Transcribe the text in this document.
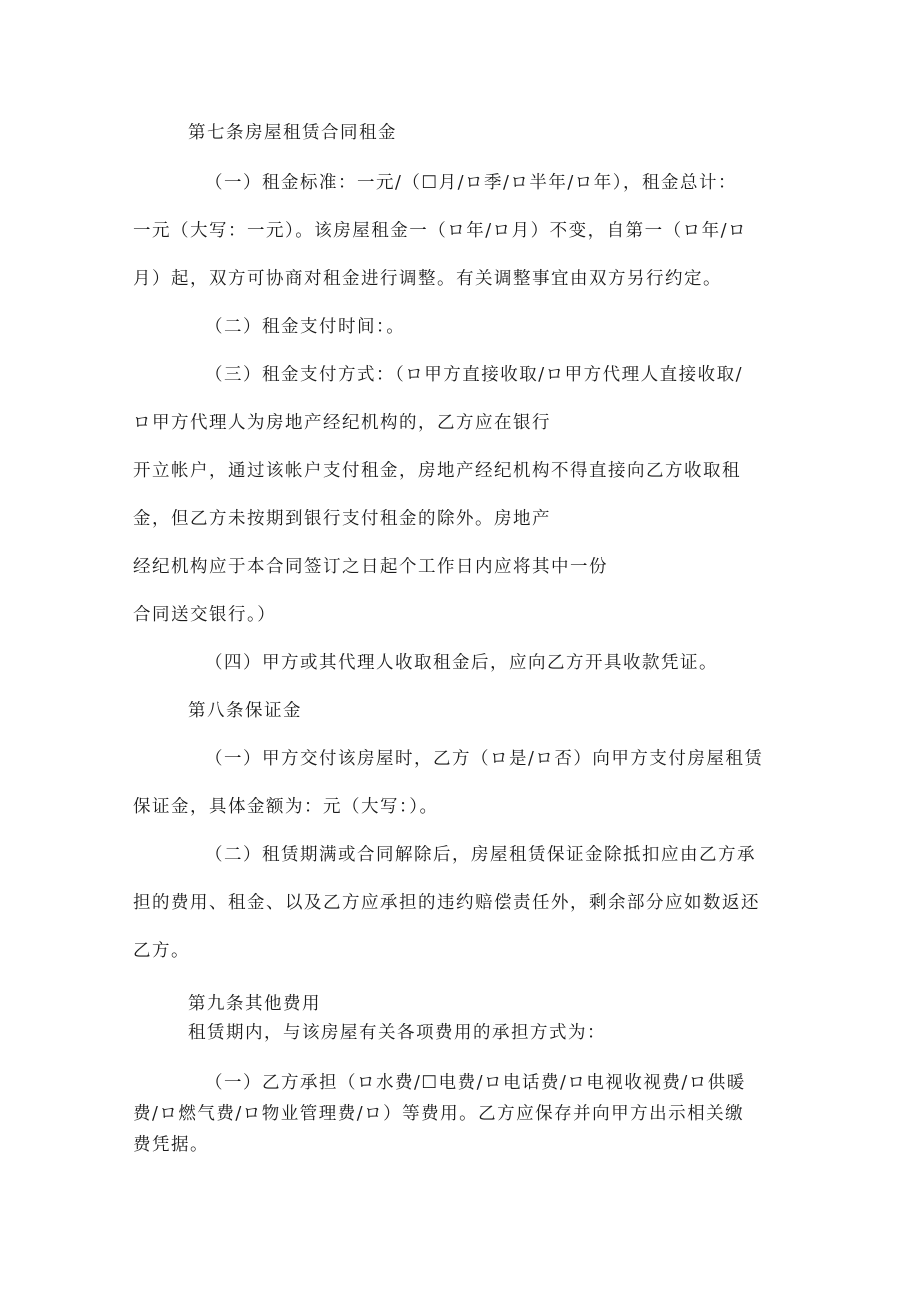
第七条房屋租赁合同租金
（一）租金标准：一元/（☐月/ロ季/ロ半年/ロ年），租金总计：
一元（大写：一元）。该房屋租金一（ロ年/ロ月）不变，自第一（ロ年/ロ
月）起，双方可协商对租金进行调整。有关调整事宜由双方另行约定。
（二）租金支付时间：。
（三）租金支付方式：（ロ甲方直接收取/ロ甲方代理人直接收取/
ロ甲方代理人为房地产经纪机构的，乙方应在银行
开立帐户，通过该帐户支付租金，房地产经纪机构不得直接向乙方收取租
金，但乙方未按期到银行支付租金的除外。房地产
经纪机构应于本合同签订之日起个工作日内应将其中一份
合同送交银行。）
（四）甲方或其代理人收取租金后，应向乙方开具收款凭证。
第八条保证金
（一）甲方交付该房屋时，乙方（ロ是/ロ否）向甲方支付房屋租赁
保证金，具体金额为：元（大写：）。
（二）租赁期满或合同解除后，房屋租赁保证金除抵扣应由乙方承
担的费用、租金、以及乙方应承担的违约赔偿责任外，剩余部分应如数返还
乙方。
第九条其他费用
租赁期内，与该房屋有关各项费用的承担方式为：
（一）乙方承担（ロ水费/☐电费/ロ电话费/ロ电视收视费/ロ供暖
费/ロ燃气费/ロ物业管理费/ロ）等费用。乙方应保存并向甲方出示相关缴
费凭据。
